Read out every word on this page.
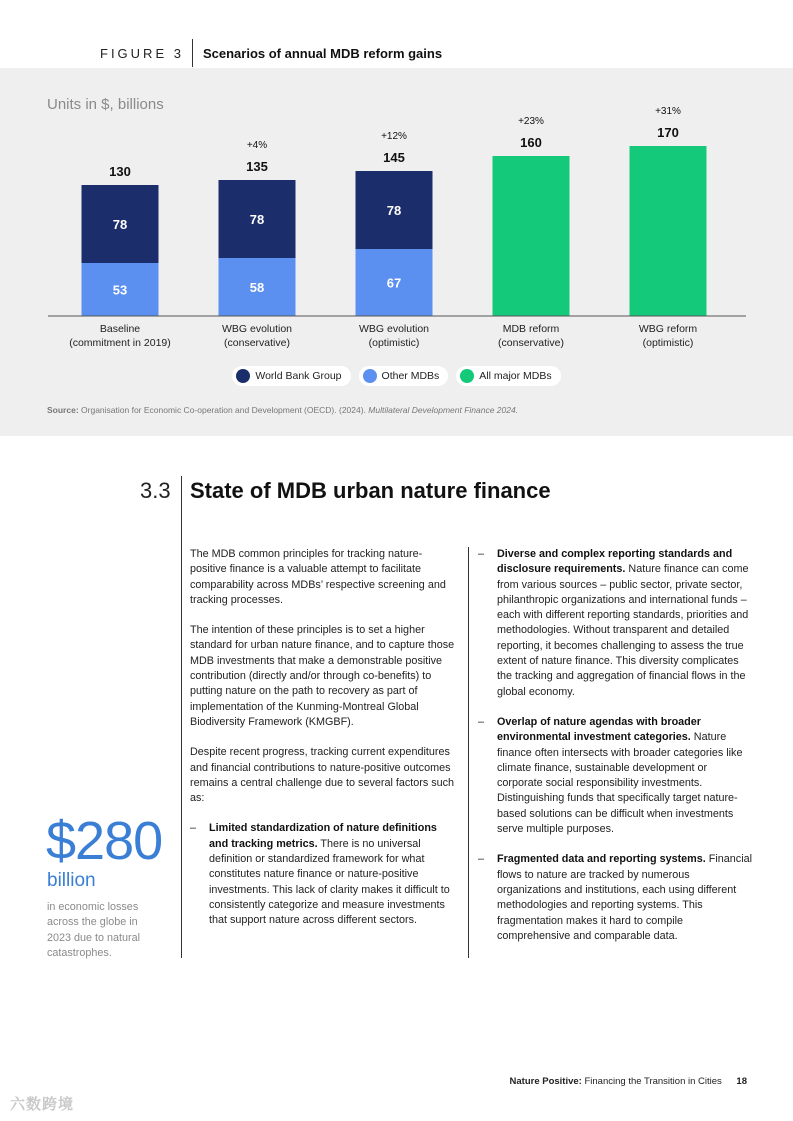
FIGURE 3 Scenarios of annual MDB reform gains
Units in $, billions
53
78
130
Baseline
(commitment in 2019)
58
78
135
+4%
WBG evolution
(conservative)
67
78
145
+12%
WBG evolution
(optimistic)
160
+23%
MDB reform
(conservative)
170
+31%
WBG reform
(optimistic)
World Bank Group	Other MDBs	All major MDBs
Source: Organisation for Economic Co-operation and Development (OECD). (2024). Multilateral Development Finance 2024.
3.3 State of MDB urban nature finance

The MDB common principles for tracking nature-positive finance is a valuable attempt to facilitate comparability across MDBs’ respective screening and tracking processes.

The intention of these principles is to set a higher standard for urban nature finance, and to capture those MDB investments that make a demonstrable positive contribution (directly and/or through co-benefits) to putting nature on the path to recovery as part of implementation of the Kunming-Montreal Global Biodiversity Framework (KMGBF).

Despite recent progress, tracking current expenditures and financial contributions to nature-positive outcomes remains a central challenge due to several factors such as:

–	Limited standardization of nature definitions and tracking metrics. There is no universal definition or standardized framework for what constitutes nature finance or nature-positive investments. This lack of clarity makes it difficult to consistently categorize and measure investments that support nature across different sectors.
–	Diverse and complex reporting standards and disclosure requirements. Nature finance can come from various sources – public sector, private sector, philanthropic organizations and international funds – each with different reporting standards, priorities and methodologies. Without transparent and detailed reporting, it becomes challenging to assess the true extent of nature finance. This diversity complicates the tracking and aggregation of financial flows in the global economy.
–	Overlap of nature agendas with broader environmental investment categories. Nature finance often intersects with broader categories like climate finance, sustainable development or corporate social responsibility investments. Distinguishing funds that specifically target nature-based solutions can be difficult when investments serve multiple purposes.
–	Fragmented data and reporting systems. Financial flows to nature are tracked by numerous organizations and institutions, each using different methodologies and reporting systems. This fragmentation makes it hard to compile comprehensive and comparable data.
$280
billion
in economic losses across the globe in 2023 due to natural catastrophes.
Nature Positive: Financing the Transition in Cities 18
六数跨境
